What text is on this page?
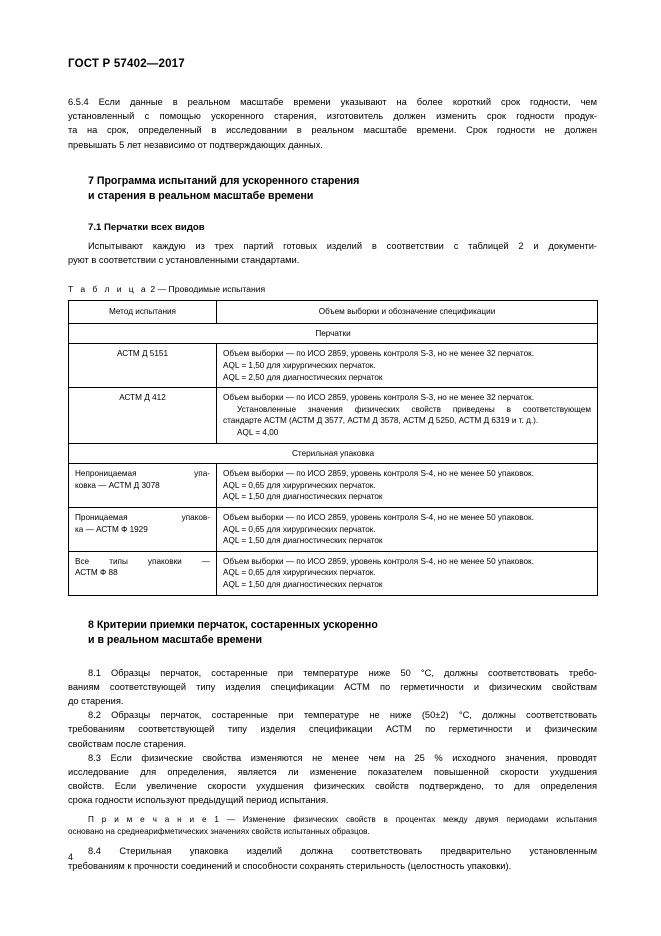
ГОСТ Р 57402—2017

6.5.4 Если данные в реальном масштабе времени указывают на более короткий срок годности, чем
установленный с помощью ускоренного старения, изготовитель должен изменить срок годности продук-
та на срок, определенный в исследовании в реальном масштабе времени. Срок годности не должен
превышать 5 лет независимо от подтверждающих данных.

7 Программа испытаний для ускоренного старения
и старения в реальном масштабе времени
7.1 Перчатки всех видов

Испытывают каждую из трех партий готовых изделий в соответствии с таблицей 2 и документи-
руют в соответствии с установленными стандартами.

Т а б л и ц а 2 — Проводимые испытания
Метод испытания	Объем выборки и обозначение спецификации
Перчатки	

АСТМ Д 5151	Объем выборки — по ИСО 2859, уровень контроля S-3, но не менее 32 перчаток.
AQL = 1,50 для хирургических перчаток.
AQL = 2,50 для диагностических перчаток

АСТМ Д 412	Объем выборки — по ИСО 2859, уровень контроля S-3, но не менее 32 перчаток.
Установленные значения физических свойств приведены в соответствующем
стандарте АСТМ (АСТМ Д 3577, АСТМ Д 3578, АСТМ Д 5250, АСТМ Д 6319 и т. д.).
AQL = 4,00

Стерильная упаковка	

Непроницаемая упа-
ковка — АСТМ Д 3078	Объем выборки — по ИСО 2859, уровень контроля S-4, но не менее 50 упаковок.
AQL = 0,65 для хирургических перчаток.
AQL = 1,50 для диагностических перчаток

Проницаемая упаков-
ка — АСТМ Ф 1929	Объем выборки — по ИСО 2859, уровень контроля S-4, но не менее 50 упаковок.
AQL = 0,65 для хирургических перчаток.
AQL = 1,50 для диагностических перчаток

Все типы упаковки —
АСТМ Ф 88	Объем выборки — по ИСО 2859, уровень контроля S-4, но не менее 50 упаковок.
AQL = 0,65 для хирургических перчаток.
AQL = 1,50 для диагностических перчаток
8 Критерии приемки перчаток, состаренных ускоренно
и в реальном масштабе времени

8.1 Образцы перчаток, состаренные при температуре ниже 50 °C, должны соответствовать требо-
ваниям соответствующей типу изделия спецификации АСТМ по герметичности и физическим свойствам
до старения.

8.2 Образцы перчаток, состаренные при температуре не ниже (50±2) °C, должны соответствовать
требованиям соответствующей типу изделия спецификации АСТМ по герметичности и физическим
свойствам после старения.

8.3 Если физические свойства изменяются не менее чем на 25 % исходного значения, проводят
исследование для определения, является ли изменение показателем повышенной скорости ухудшения
свойств. Если увеличение скорости ухудшения физических свойств подтверждено, то для определения
срока годности используют предыдущий период испытания.

П р и м е ч а н и е 1 — Изменение физических свойств в процентах между двумя периодами испытания
основано на среднеарифметических значениях свойств испытанных образцов.

8.4 Стерильная упаковка изделий должна соответствовать предварительно установленным
требованиям к прочности соединений и способности сохранять стерильность (целостность упаковки).

4
